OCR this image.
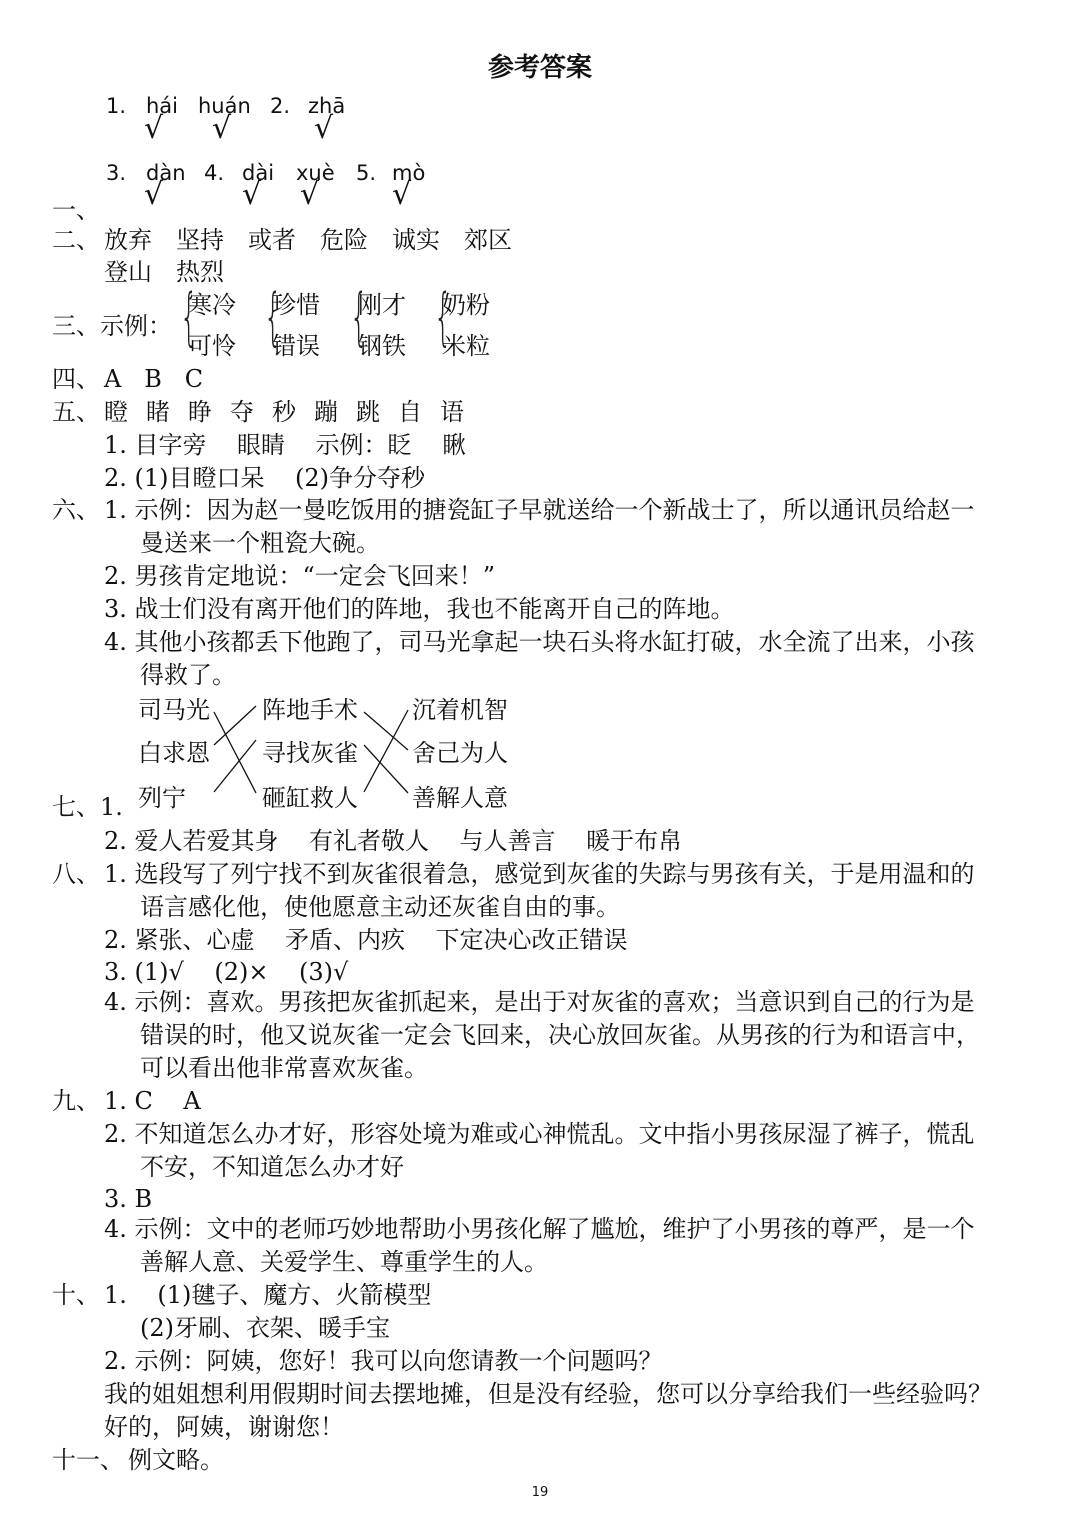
参考答案
1. hái huán 2. zhā
√ √	√
3. dàn 4. dài xuè 5. mò
√	√ √ √
一、
二、 放弃 坚持 或者 危险 诚实 郊区
登山 热烈
三、示例： { { { {
寒冷
可怜
珍惜
错误
刚才
钢铁
奶粉
米粒
四、 A   B   C
五、 瞪 睹 睁 夺 秒 蹦 跳 自 语
1. 目字旁    眼睛    示例：眨    瞅
2. (1)目瞪口呆    (2)争分夺秒
六、 1. 示例：因为赵一曼吃饭用的搪瓷缸子早就送给一个新战士了，所以通讯员给赵一
曼送来一个粗瓷大碗。
2. 男孩肯定地说：“一定会飞回来！”
3. 战士们没有离开他们的阵地，我也不能离开自己的阵地。
4. 其他小孩都丢下他跑了，司马光拿起一块石头将水缸打破，水全流了出来，小孩
得救了。
司马光
白求恩
列宁
阵地手术
寻找灰雀
砸缸救人
沉着机智
舍己为人
善解人意
七、1.
2. 爱人若爱其身    有礼者敬人    与人善言    暖于布帛
八、 1. 选段写了列宁找不到灰雀很着急，感觉到灰雀的失踪与男孩有关，于是用温和的
语言感化他，使他愿意主动还灰雀自由的事。
2. 紧张、心虚    矛盾、内疚    下定决心改正错误
3. (1)√    (2)×    (3)√
4. 示例：喜欢。男孩把灰雀抓起来，是出于对灰雀的喜欢；当意识到自己的行为是
错误的时，他又说灰雀一定会飞回来，决心放回灰雀。从男孩的行为和语言中，
可以看出他非常喜欢灰雀。
九、 1. C    A
2. 不知道怎么办才好，形容处境为难或心神慌乱。文中指小男孩尿湿了裤子，慌乱
不安，不知道怎么办才好
3. B
4. 示例：文中的老师巧妙地帮助小男孩化解了尴尬，维护了小男孩的尊严，是一个
善解人意、关爱学生、尊重学生的人。
十、 1.    (1)毽子、魔方、火箭模型
(2)牙刷、衣架、暖手宝
2. 示例：阿姨，您好！我可以向您请教一个问题吗？
我的姐姐想利用假期时间去摆地摊，但是没有经验，您可以分享给我们一些经验吗？
好的，阿姨，谢谢您！
十一、 例文略。
19
